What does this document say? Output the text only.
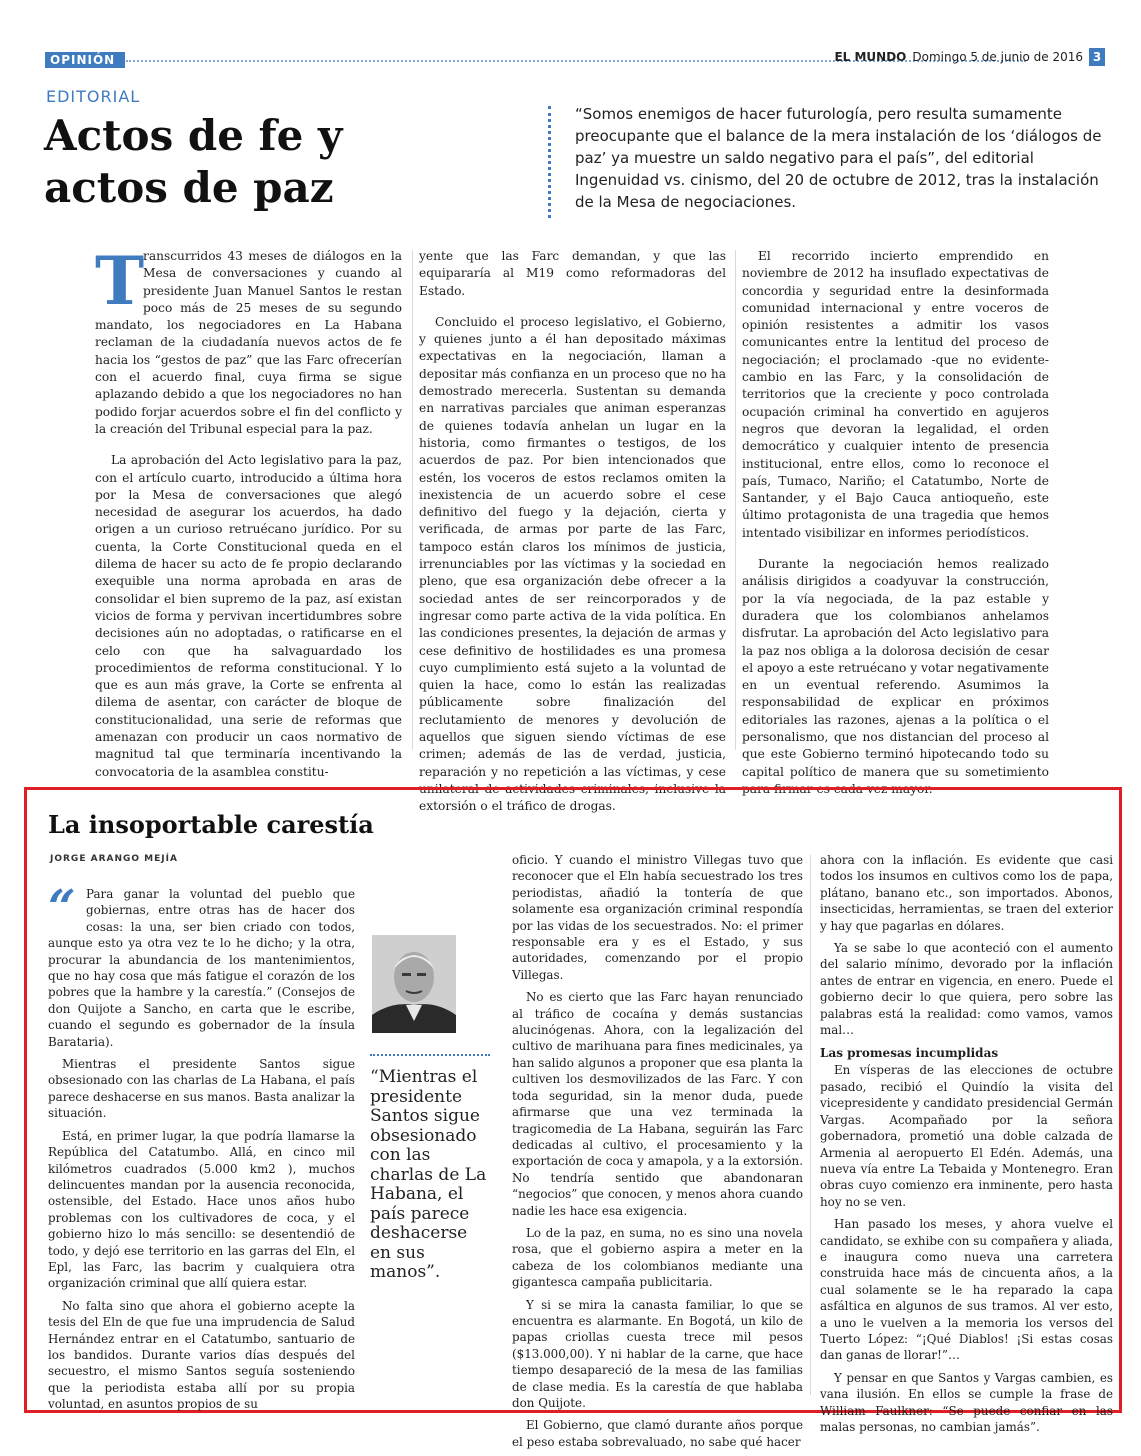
OPINIÓN	EL MUNDO Domingo 5 de junio de 2016 3
EDITORIAL
Actos de fe y actos de paz
“Somos enemigos de hacer futurología, pero resulta sumamente preocupante que el balance de la mera instalación de los ‘diálogos de paz’ ya muestre un saldo negativo para el país”, del editorial Ingenuidad vs. cinismo, del 20 de octubre de 2012, tras la instalación de la Mesa de negociaciones.

T
ranscurridos 43 meses de diálogos en la Mesa de conversaciones y cuando al presidente Juan Manuel Santos le restan poco más de 25 meses de su segundo mandato, los negociadores en La Habana reclaman de la ciudadanía nuevos actos de fe hacia los “gestos de paz” que las Farc ofrecerían con el acuerdo final, cuya firma se sigue aplazando debido a que los negociadores no han podido forjar acuerdos sobre el fin del conflicto y la creación del Tribunal especial para la paz.

La aprobación del Acto legislativo para la paz, con el artículo cuarto, introducido a última hora por la Mesa de conversaciones que alegó necesidad de asegurar los acuerdos, ha dado origen a un curioso retruécano jurídico. Por su cuenta, la Corte Constitucional queda en el dilema de hacer su acto de fe propio declarando exequible una norma aprobada en aras de consolidar el bien supremo de la paz, así existan vicios de forma y pervivan incertidumbres sobre decisiones aún no adoptadas, o ratificarse en el celo con que ha salvaguardado los procedimientos de reforma constitucional. Y lo que es aun más grave, la Corte se enfrenta al dilema de asentar, con carácter de bloque de constitucionalidad, una serie de reformas que amenazan con producir un caos normativo de magnitud tal que terminaría incentivando la convocatoria de la asamblea constitu-

yente que las Farc demandan, y que las equipararía al M19 como reformadoras del Estado.

Concluido el proceso legislativo, el Gobierno, y quienes junto a él han depositado máximas expectativas en la negociación, llaman a depositar más confianza en un proceso que no ha demostrado merecerla. Sustentan su demanda en narrativas parciales que animan esperanzas de quienes todavía anhelan un lugar en la historia, como firmantes o testigos, de los acuerdos de paz. Por bien intencionados que estén, los voceros de estos reclamos omiten la inexistencia de un acuerdo sobre el cese definitivo del fuego y la dejación, cierta y verificada, de armas por parte de las Farc, tampoco están claros los mínimos de justicia, irrenunciables por las víctimas y la sociedad en pleno, que esa organización debe ofrecer a la sociedad antes de ser reincorporados y de ingresar como parte activa de la vida política. En las condiciones presentes, la dejación de armas y cese definitivo de hostilidades es una promesa cuyo cumplimiento está sujeto a la voluntad de quien la hace, como lo están las realizadas públicamente sobre finalización del reclutamiento de menores y devolución de aquellos que siguen siendo víctimas de ese crimen; además de las de verdad, justicia, reparación y no repetición a las víctimas, y cese unilateral de actividades criminales, inclusive la extorsión o el tráfico de drogas.

El recorrido incierto emprendido en noviembre de 2012 ha insuflado expectativas de concordia y seguridad entre la desinformada comunidad internacional y entre voceros de opinión resistentes a admitir los vasos comunicantes entre la lentitud del proceso de negociación; el proclamado -que no evidente- cambio en las Farc, y la consolidación de territorios que la creciente y poco controlada ocupación criminal ha convertido en agujeros negros que devoran la legalidad, el orden democrático y cualquier intento de presencia institucional, entre ellos, como lo reconoce el país, Tumaco, Nariño; el Catatumbo, Norte de Santander, y el Bajo Cauca antioqueño, este último protagonista de una tragedia que hemos intentado visibilizar en informes periodísticos.

Durante la negociación hemos realizado análisis dirigidos a coadyuvar la construcción, por la vía negociada, de la paz estable y duradera que los colombianos anhelamos disfrutar. La aprobación del Acto legislativo para la paz nos obliga a la dolorosa decisión de cesar el apoyo a este retruécano y votar negativamente en un eventual referendo. Asumimos la responsabilidad de explicar en próximos editoriales las razones, ajenas a la política o el personalismo, que nos distancian del proceso al que este Gobierno terminó hipotecando todo su capital político de manera que su sometimiento para firmar es cada vez mayor.

La insoportable carestía
JORGE ARANGO MEJÍA

“	Para ganar la voluntad del pueblo que gobiernas, entre otras has de hacer dos cosas: la una, ser bien criado con todos, aunque esto ya otra vez te lo he dicho; y la otra, procurar la abundancia de los mantenimientos, que no hay cosa que más fatigue el corazón de los pobres que la hambre y la carestía.” (Consejos de don Quijote a Sancho, en carta que le escribe, cuando el segundo es gobernador de la ínsula Barataria).

Mientras el presidente Santos sigue obsesionado con las charlas de La Habana, el país parece deshacerse en sus manos. Basta analizar la situación.

Está, en primer lugar, la que podría llamarse la República del Catatumbo. Allá, en cinco mil kilómetros cuadrados (5.000 km2 ), muchos delincuentes mandan por la ausencia reconocida, ostensible, del Estado. Hace unos años hubo problemas con los cultivadores de coca, y el gobierno hizo lo más sencillo: se desentendió de todo, y dejó ese territorio en las garras del Eln, el Epl, las Farc, las bacrim y cualquiera otra organización criminal que allí quiera estar.

No falta sino que ahora el gobierno acepte la tesis del Eln de que fue una imprudencia de Salud Hernández entrar en el Catatumbo, santuario de los bandidos. Durante varios días después del secuestro, el mismo Santos seguía sosteniendo que la periodista estaba allí por su propia voluntad, en asuntos propios de su

“Mientras el presidente Santos sigue obsesionado con las charlas de La Habana, el país parece deshacerse en sus manos”.

oficio. Y cuando el ministro Villegas tuvo que reconocer que el Eln había secuestrado los tres periodistas, añadió la tontería de que solamente esa organización criminal respondía por las vidas de los secuestrados. No: el primer responsable era y es el Estado, y sus autoridades, comenzando por el propio Villegas.

No es cierto que las Farc hayan renunciado al tráfico de cocaína y demás sustancias alucinógenas. Ahora, con la legalización del cultivo de marihuana para fines medicinales, ya han salido algunos a proponer que esa planta la cultiven los desmovilizados de las Farc. Y con toda seguridad, sin la menor duda, puede afirmarse que una vez terminada la tragicomedia de La Habana, seguirán las Farc dedicadas al cultivo, el procesamiento y la exportación de coca y amapola, y a la extorsión. No tendría sentido que abandonaran “negocios” que conocen, y menos ahora cuando nadie les hace esa exigencia.

Lo de la paz, en suma, no es sino una novela rosa, que el gobierno aspira a meter en la cabeza de los colombianos mediante una gigantesca campaña publicitaria.

Y si se mira la canasta familiar, lo que se encuentra es alarmante. En Bogotá, un kilo de papas criollas cuesta trece mil pesos ($13.000,00). Y ni hablar de la carne, que hace tiempo desapareció de la mesa de las familias de clase media. Es la carestía de que hablaba don Quijote.

El Gobierno, que clamó durante años porque el peso estaba sobrevaluado, no sabe qué hacer

ahora con la inflación. Es evidente que casi todos los insumos en cultivos como los de papa, plátano, banano etc., son importados. Abonos, insecticidas, herramientas, se traen del exterior y hay que pagarlas en dólares.

Ya se sabe lo que aconteció con el aumento del salario mínimo, devorado por la inflación antes de entrar en vigencia, en enero. Puede el gobierno decir lo que quiera, pero sobre las palabras está la realidad: como vamos, vamos mal…

Las promesas incumplidas

En vísperas de las elecciones de octubre pasado, recibió el Quindío la visita del vicepresidente y candidato presidencial Germán Vargas. Acompañado por la señora gobernadora, prometió una doble calzada de Armenia al aeropuerto El Edén. Además, una nueva vía entre La Tebaida y Montenegro. Eran obras cuyo comienzo era inminente, pero hasta hoy no se ven.

Han pasado los meses, y ahora vuelve el candidato, se exhibe con su compañera y aliada, e inaugura como nueva una carretera construida hace más de cincuenta años, a la cual solamente se le ha reparado la capa asfáltica en algunos de sus tramos. Al ver esto, a uno le vuelven a la memoria los versos del Tuerto López: “¡Qué Diablos! ¡Si estas cosas dan ganas de llorar!”…

Y pensar en que Santos y Vargas cambien, es vana ilusión. En ellos se cumple la frase de William Faulkner: “Se puede confiar en las malas personas, no cambian jamás”.
